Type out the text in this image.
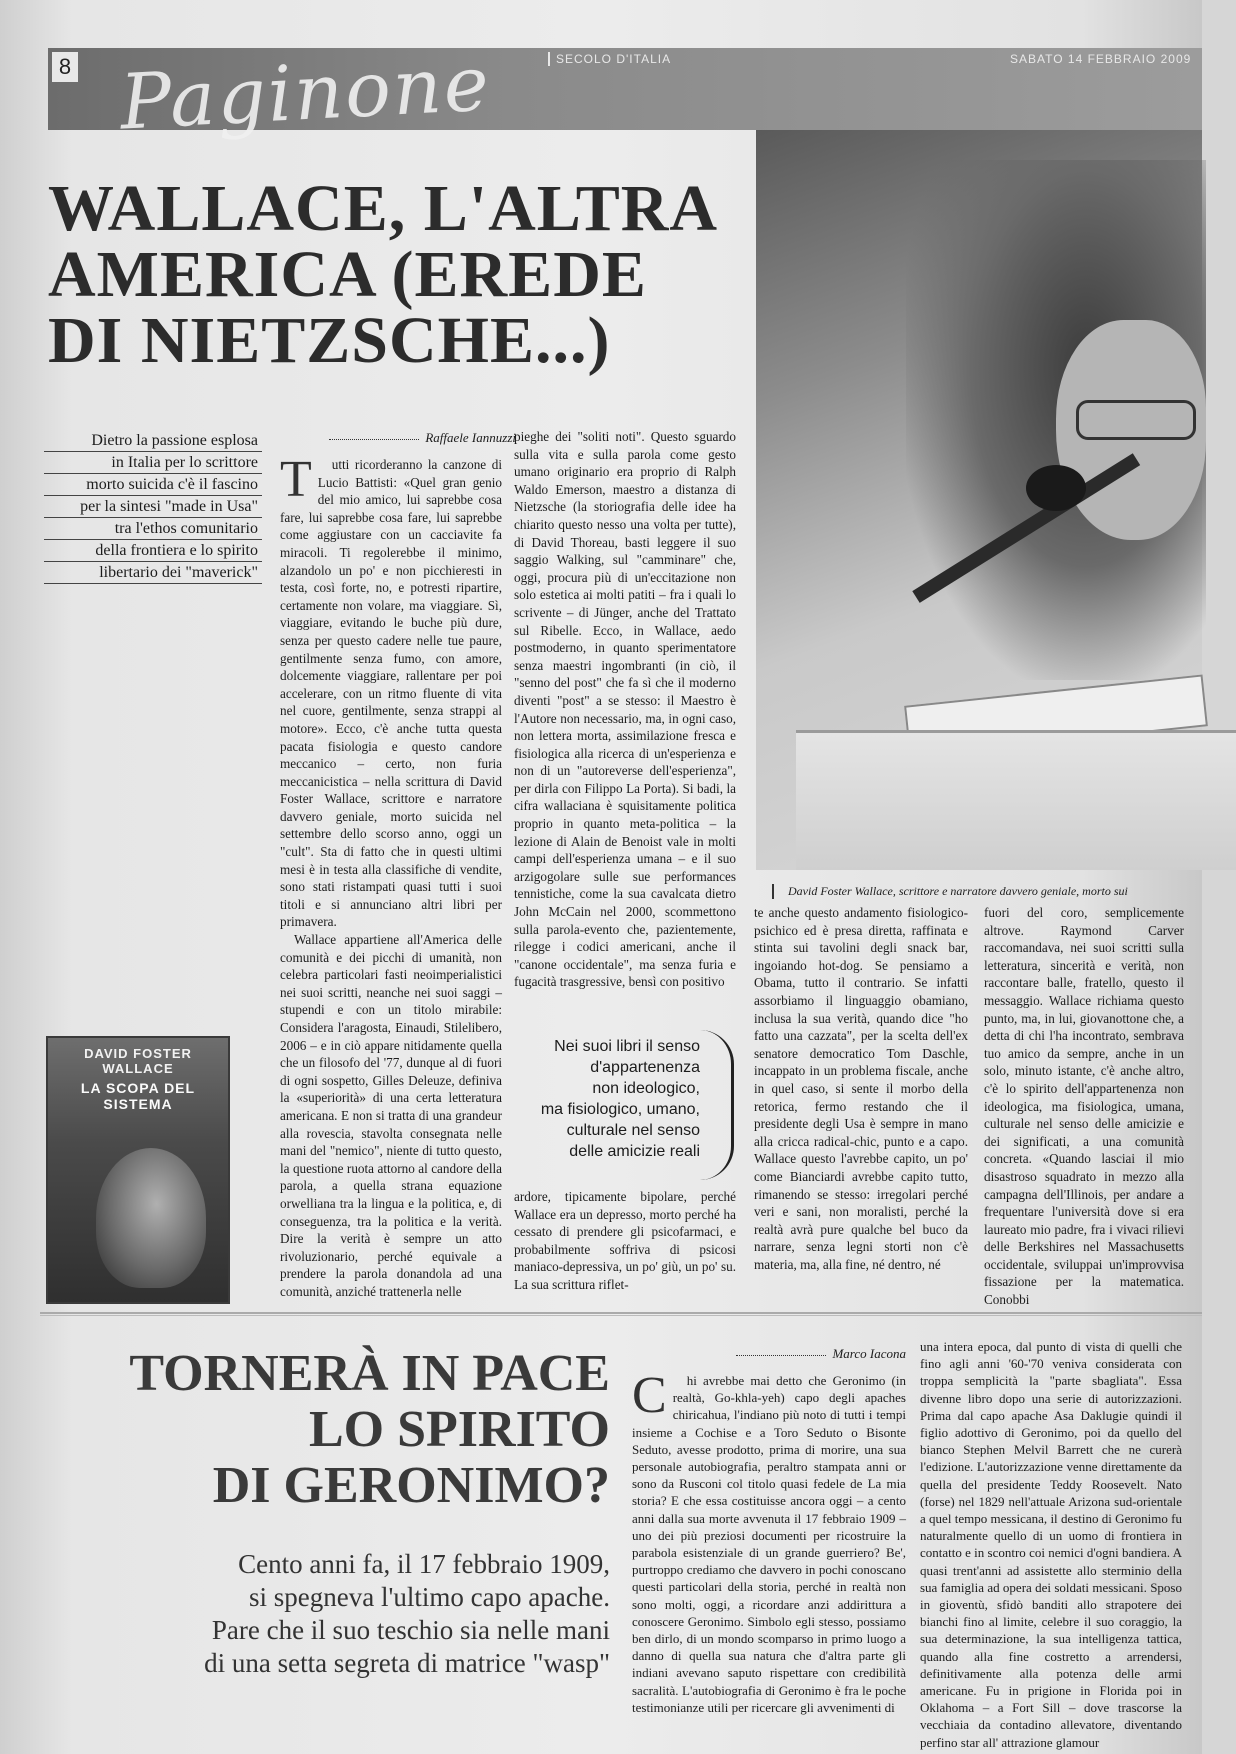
8 Paginone	SECOLO D'ITALIA	SABATO 14 FEBBRAIO 2009
WALLACE, L'ALTRA
AMERICA (EREDE
DI NIETZSCHE...)
Dietro la passione esplosa
in Italia per lo scrittore
morto suicida c'è il fascino
per la sintesi "made in Usa"
tra l'ethos comunitario
della frontiera e lo spirito
libertario dei "maverick"
David Foster Wallace, scrittore e narratore davvero geniale, morto sui
Raffaele Iannuzzi
T	utti ricorderanno la canzone di Lucio Battisti: «Quel gran genio del mio amico, lui saprebbe cosa fare, lui saprebbe cosa fare, lui saprebbe come aggiustare con un cacciavite fa miracoli. Ti regolerebbe il minimo, alzandolo un po' e non picchieresti in testa, così forte, no, e potresti ripartire, certamente non volare, ma viaggiare. Sì, viaggiare, evitando le buche più dure, senza per questo cadere nelle tue paure, gentilmente senza fumo, con amore, dolcemente viaggiare, rallentare per poi accelerare, con un ritmo fluente di vita nel cuore, gentilmente, senza strappi al motore». Ecco, c'è anche tutta questa pacata fisiologia e questo candore meccanico – certo, non furia meccanicistica – nella scrittura di David Foster Wallace, scrittore e narratore davvero geniale, morto suicida nel settembre dello scorso anno, oggi un "cult". Sta di fatto che in questi ultimi mesi è in testa alla classifiche di vendite, sono stati ristampati quasi tutti i suoi titoli e si annunciano altri libri per primavera.

Wallace appartiene all'America delle comunità e dei picchi di umanità, non celebra particolari fasti neoimperialistici nei suoi scritti, neanche nei suoi saggi – stupendi e con un titolo mirabile: Considera l'aragosta, Einaudi, Stilelibero, 2006 – e in ciò appare nitidamente quella che un filosofo del '77, dunque al di fuori di ogni sospetto, Gilles Deleuze, definiva la «superiorità» di una certa letteratura americana. E non si tratta di una grandeur alla rovescia, stavolta consegnata nelle mani del "nemico", niente di tutto questo, la questione ruota attorno al candore della parola, a quella strana equazione orwelliana tra la lingua e la politica, e, di conseguenza, tra la politica e la verità. Dire la verità è sempre un atto rivoluzionario, perché equivale a prendere la parola donandola ad una comunità, anziché trattenerla nelle

pieghe dei "soliti noti". Questo sguardo sulla vita e sulla parola come gesto umano originario era proprio di Ralph Waldo Emerson, maestro a distanza di Nietzsche (la storiografia delle idee ha chiarito questo nesso una volta per tutte), di David Thoreau, basti leggere il suo saggio Walking, sul "camminare" che, oggi, procura più di un'eccitazione non solo estetica ai molti patiti – fra i quali lo scrivente – di Jünger, anche del Trattato sul Ribelle. Ecco, in Wallace, aedo postmoderno, in quanto sperimentatore senza maestri ingombranti (in ciò, il "senno del post" che fa sì che il moderno diventi "post" a se stesso: il Maestro è l'Autore non necessario, ma, in ogni caso, non lettera morta, assimilazione fresca e fisiologica alla ricerca di un'esperienza e non di un "autoreverse dell'esperienza", per dirla con Filippo La Porta). Si badi, la cifra wallaciana è squisitamente politica proprio in quanto meta-politica – la lezione di Alain de Benoist vale in molti campi dell'esperienza umana – e il suo arzigogolare sulle sue performances tennistiche, come la sua cavalcata dietro John McCain nel 2000, scommettono sulla parola-evento che, pazientemente, rilegge i codici americani, anche il "canone occidentale", ma senza furia e fugacità trasgressive, bensì con positivo

ardore, tipicamente bipolare, perché Wallace era un depresso, morto perché ha cessato di prendere gli psicofarmaci, e probabilmente soffriva di psicosi maniaco-depressiva, un po' giù, un po' su. La sua scrittura riflet-

te anche questo andamento fisiologico-psichico ed è presa diretta, raffinata e stinta sui tavolini degli snack bar, ingoiando hot-dog. Se pensiamo a Obama, tutto il contrario. Se infatti assorbiamo il linguaggio obamiano, inclusa la sua verità, quando dice "ho fatto una cazzata", per la scelta dell'ex senatore democratico Tom Daschle, incappato in un problema fiscale, anche in quel caso, si sente il morbo della retorica, fermo restando che il presidente degli Usa è sempre in mano alla cricca radical-chic, punto e a capo. Wallace questo l'avrebbe capito, un po' come Bianciardi avrebbe capito tutto, rimanendo se stesso: irregolari perché veri e sani, non moralisti, perché la realtà avrà pure qualche bel buco da narrare, senza legni storti non c'è materia, ma, alla fine, né dentro, né

fuori del coro, semplicemente altrove. Raymond Carver raccomandava, nei suoi scritti sulla letteratura, sincerità e verità, non raccontare balle, fratello, questo il messaggio. Wallace richiama questo punto, ma, in lui, giovanottone che, a detta di chi l'ha incontrato, sembrava tuo amico da sempre, anche in un solo, minuto istante, c'è anche altro, c'è lo spirito dell'appartenenza non ideologica, ma fisiologica, umana, culturale nel senso delle amicizie e dei significati, a una comunità concreta. «Quando lasciai il mio disastroso squadrato in mezzo alla campagna dell'Illinois, per andare a frequentare l'università dove si era laureato mio padre, fra i vivaci rilievi delle Berkshires nel Massachusetts occidentale, sviluppai un'improvvisa fissazione per la matematica. Conobbi

DAVID FOSTER WALLACE
LA SCOPA DEL SISTEMA
Nei suoi libri il senso
d'appartenenza
non ideologico,
ma fisiologico, umano,
culturale nel senso
delle amicizie reali
TORNERÀ IN PACE
LO SPIRITO
DI GERONIMO?
Cento anni fa, il 17 febbraio 1909,
si spegneva l'ultimo capo apache.
Pare che il suo teschio sia nelle mani
di una setta segreta di matrice "wasp"
Marco Iacona
C	hi avrebbe mai detto che Geronimo (in realtà, Go-khla-yeh) capo degli apaches chiricahua, l'indiano più noto di tutti i tempi insieme a Cochise e a Toro Seduto o Bisonte Seduto, avesse prodotto, prima di morire, una sua personale autobiografia, peraltro stampata anni or sono da Rusconi col titolo quasi fedele de La mia storia? E che essa costituisse ancora oggi – a cento anni dalla sua morte avvenuta il 17 febbraio 1909 – uno dei più preziosi documenti per ricostruire la parabola esistenziale di un grande guerriero? Be', purtroppo crediamo che davvero in pochi conoscano questi particolari della storia, perché in realtà non sono molti, oggi, a ricordare anzi addirittura a conoscere Geronimo. Simbolo egli stesso, possiamo ben dirlo, di un mondo scomparso in primo luogo a danno di quella sua natura che d'altra parte gli indiani avevano saputo rispettare con credibilità sacralità. L'autobiografia di Geronimo è fra le poche testimonianze utili per ricercare gli avvenimenti di

una intera epoca, dal punto di vista di quelli che fino agli anni '60-'70 veniva considerata con troppa semplicità la "parte sbagliata". Essa divenne libro dopo una serie di autorizzazioni. Prima dal capo apache Asa Daklugie quindi il figlio adottivo di Geronimo, poi da quello del bianco Stephen Melvil Barrett che ne curerà l'edizione. L'autorizzazione venne direttamente da quella del presidente Teddy Roosevelt. Nato (forse) nel 1829 nell'attuale Arizona sud-orientale a quel tempo messicana, il destino di Geronimo fu naturalmente quello di un uomo di frontiera in contatto e in scontro coi nemici d'ogni bandiera. A quasi trent'anni ad assistette allo sterminio della sua famiglia ad opera dei soldati messicani. Sposo in gioventù, sfidò banditi allo strapotere dei bianchi fino al limite, celebre il suo coraggio, la sua determinazione, la sua intelligenza tattica, quando alla fine costretto a arrendersi, definitivamente alla potenza delle armi americane. Fu in prigione in Florida poi in Oklahoma – a Fort Sill – dove trascorse la vecchiaia da contadino allevatore, diventando perfino star all' attrazione glamour
